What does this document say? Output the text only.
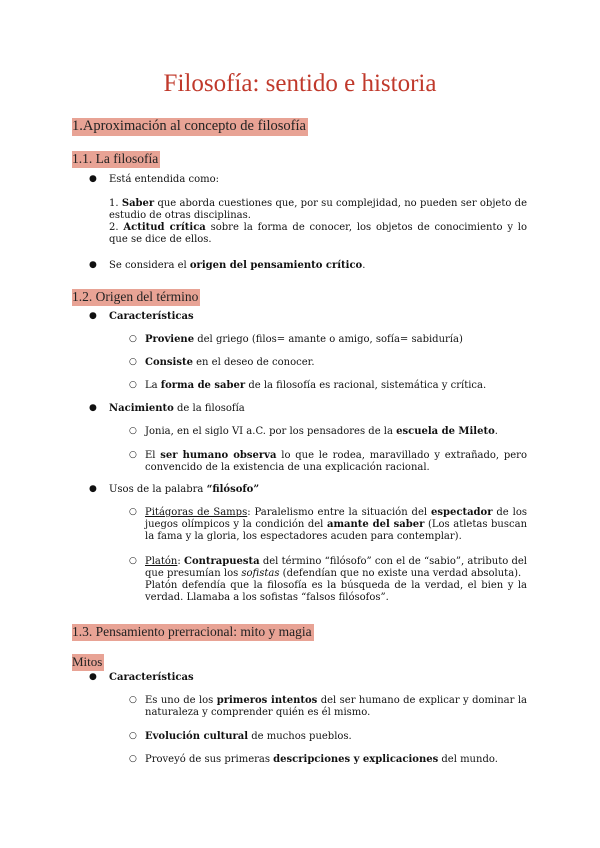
Filosofía: sentido e historia
1.Aproximación al concepto de filosofía
1.1. La filosofía
● Está entendida como:
1. Saber que aborda cuestiones que, por su complejidad, no pueden ser objeto de estudio de otras disciplinas.
2. Actitud crítica sobre la forma de conocer, los objetos de conocimiento y lo que se dice de ellos.
● Se considera el origen del pensamiento crítico.
1.2. Origen del término
● Características
○ Proviene del griego (filos= amante o amigo, sofía= sabiduría)
○ Consiste en el deseo de conocer.
○ La forma de saber de la filosofía es racional, sistemática y crítica.
● Nacimiento de la filosofía
○ Jonia, en el siglo VI a.C. por los pensadores de la escuela de Mileto.
○ El ser humano observa lo que le rodea, maravillado y extrañado, pero convencido de la existencia de una explicación racional.
● Usos de la palabra “filósofo”
○ Pitágoras de Samps: Paralelismo entre la situación del espectador de los juegos olímpicos y la condición del amante del saber (Los atletas buscan la fama y la gloria, los espectadores acuden para contemplar).
○ Platón: Contrapuesta del término “filósofo” con el de “sabio”, atributo del que presumían los sofistas (defendían que no existe una verdad absoluta).
Platón defendía que la filosofía es la búsqueda de la verdad, el bien y la verdad. Llamaba a los sofistas “falsos filósofos”.
1.3. Pensamiento prerracional: mito y magia
Mitos
● Características
○ Es uno de los primeros intentos del ser humano de explicar y dominar la naturaleza y comprender quién es él mismo.
○ Evolución cultural de muchos pueblos.
○ Proveyó de sus primeras descripciones y explicaciones del mundo.
